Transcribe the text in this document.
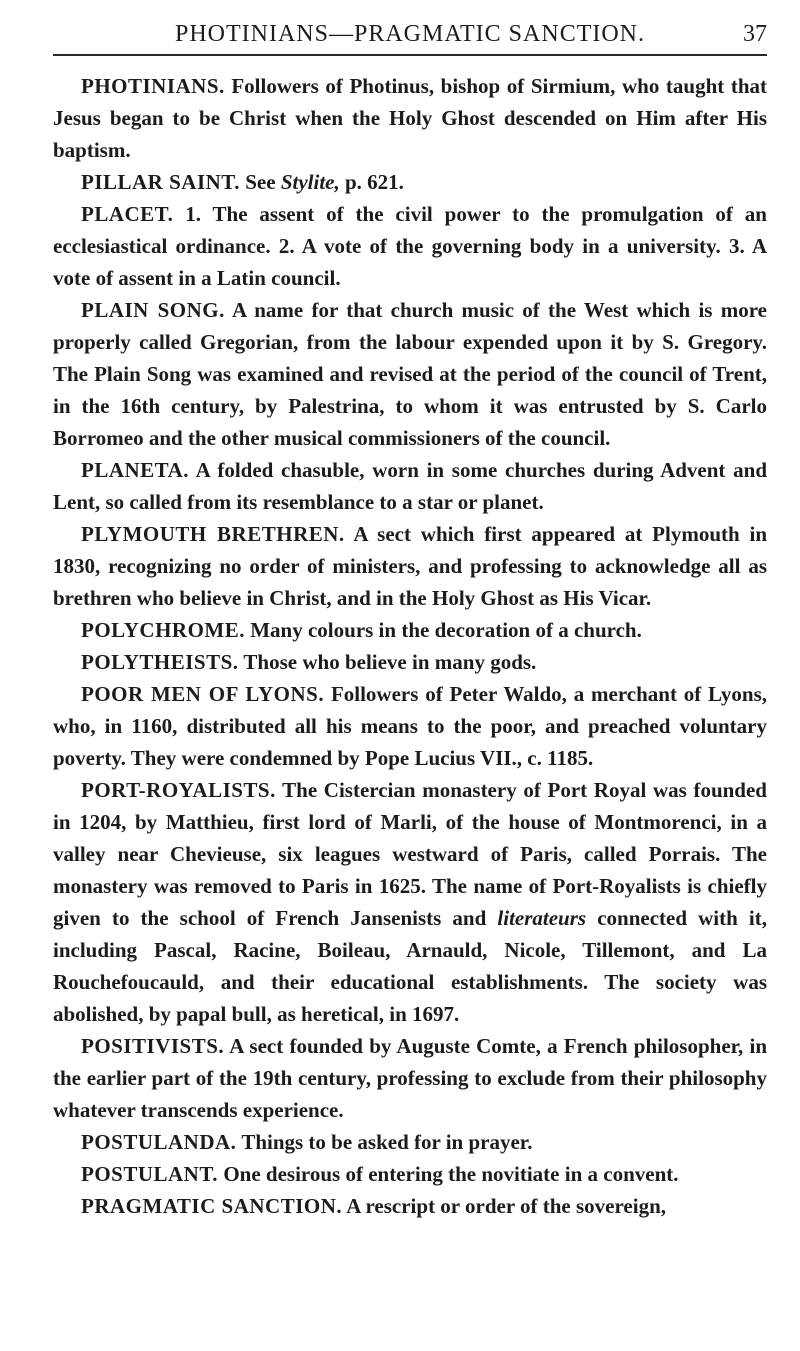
PHOTINIANS—PRAGMATIC SANCTION.	37

PHOTINIANS. Followers of Photinus, bishop of Sirmium, who taught that Jesus began to be Christ when the Holy Ghost descended on Him after His baptism.

PILLAR SAINT. See Stylite, p. 621.

PLACET. 1. The assent of the civil power to the promulgation of an ecclesiastical ordinance. 2. A vote of the governing body in a university. 3. A vote of assent in a Latin council.

PLAIN SONG. A name for that church music of the West which is more properly called Gregorian, from the labour expended upon it by S. Gregory. The Plain Song was examined and revised at the period of the council of Trent, in the 16th century, by Palestrina, to whom it was entrusted by S. Carlo Borromeo and the other musical commissioners of the council.

PLANETA. A folded chasuble, worn in some churches during Advent and Lent, so called from its resemblance to a star or planet.

PLYMOUTH BRETHREN. A sect which first appeared at Plymouth in 1830, recognizing no order of ministers, and professing to acknowledge all as brethren who believe in Christ, and in the Holy Ghost as His Vicar.

POLYCHROME. Many colours in the decoration of a church.

POLYTHEISTS. Those who believe in many gods.

POOR MEN OF LYONS. Followers of Peter Waldo, a merchant of Lyons, who, in 1160, distributed all his means to the poor, and preached voluntary poverty. They were condemned by Pope Lucius VII., c. 1185.

PORT-ROYALISTS. The Cistercian monastery of Port Royal was founded in 1204, by Matthieu, first lord of Marli, of the house of Montmorenci, in a valley near Chevieuse, six leagues westward of Paris, called Porrais. The monastery was removed to Paris in 1625. The name of Port-Royalists is chiefly given to the school of French Jansenists and literateurs connected with it, including Pascal, Racine, Boileau, Arnauld, Nicole, Tillemont, and La Rouchefoucauld, and their educational establishments. The society was abolished, by papal bull, as heretical, in 1697.

POSITIVISTS. A sect founded by Auguste Comte, a French philosopher, in the earlier part of the 19th century, professing to exclude from their philosophy whatever transcends experience.

POSTULANDA. Things to be asked for in prayer.

POSTULANT. One desirous of entering the novitiate in a convent.

PRAGMATIC SANCTION. A rescript or order of the sovereign,
